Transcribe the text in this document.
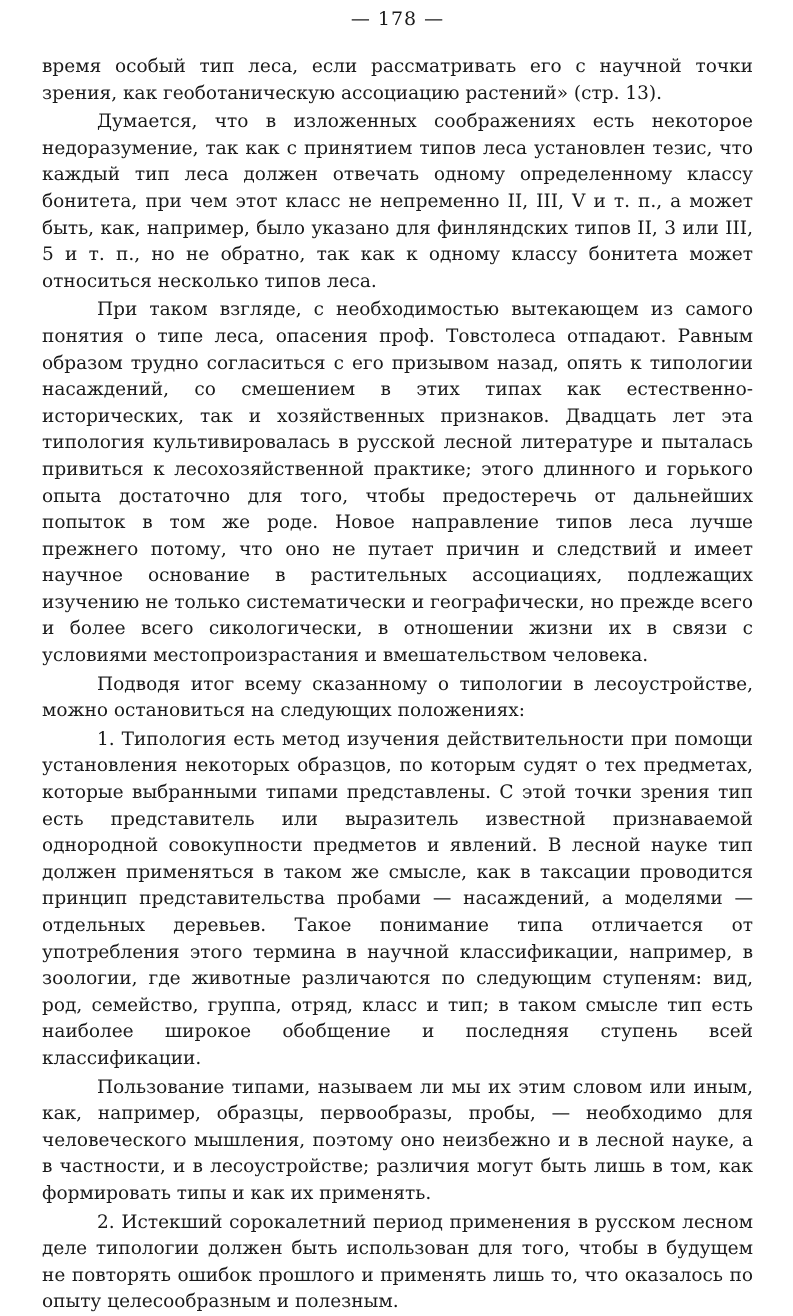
— 178 —

время особый тип леса, если рассматривать его с научной точки зрения, как геоботаническую ассоциацию растений» (стр. 13).

Думается, что в изложенных соображениях есть некоторое недоразумение, так как с принятием типов леса установлен тезис, что каждый тип леса должен отвечать одному определенному классу бонитета, при чем этот класс не непременно II, III, V и т. п., а может быть, как, например, было указано для финляндских типов II, 3 или III, 5 и т. п., но не обратно, так как к одному классу бонитета может относиться несколько типов леса.

При таком взгляде, с необходимостью вытекающем из самого понятия о типе леса, опасения проф. Товстолеса отпадают. Равным образом трудно согласиться с его призывом назад, опять к типологии насаждений, со смешением в этих типах как естественно-исторических, так и хозяйственных признаков. Двадцать лет эта типология культивировалась в русской лесной литературе и пыталась привиться к лесохозяйственной практике; этого длинного и горького опыта достаточно для того, чтобы предостеречь от дальнейших попыток в том же роде. Новое направление типов леса лучше прежнего потому, что оно не путает причин и следствий и имеет научное основание в растительных ассоциациях, подлежащих изучению не только систематически и географически, но прежде всего и более всего сикологически, в отношении жизни их в связи с условиями местопроизрастания и вмешательством человека.

Подводя итог всему сказанному о типологии в лесоустройстве, можно остановиться на следующих положениях:

1. Типология есть метод изучения действительности при помощи установления некоторых образцов, по которым судят о тех предметах, которые выбранными типами представлены. С этой точки зрения тип есть представитель или выразитель известной признаваемой однородной совокупности предметов и явлений. В лесной науке тип должен применяться в таком же смысле, как в таксации проводится принцип представительства пробами — насаждений, а моделями — отдельных деревьев. Такое понимание типа отличается от употребления этого термина в научной классификации, например, в зоологии, где животные различаются по следующим ступеням: вид, род, семейство, группа, отряд, класс и тип; в таком смысле тип есть наиболее широкое обобщение и последняя ступень всей классификации.

Пользование типами, называем ли мы их этим словом или иным, как, например, образцы, первообразы, пробы, — необходимо для человеческого мышления, поэтому оно неизбежно и в лесной науке, а в частности, и в лесоустройстве; различия могут быть лишь в том, как формировать типы и как их применять.

2. Истекший сорокалетний период применения в русском лесном деле типологии должен быть использован для того, чтобы в будущем не повторять ошибок прошлого и применять лишь то, что оказалось по опыту целесообразным и полезным.
